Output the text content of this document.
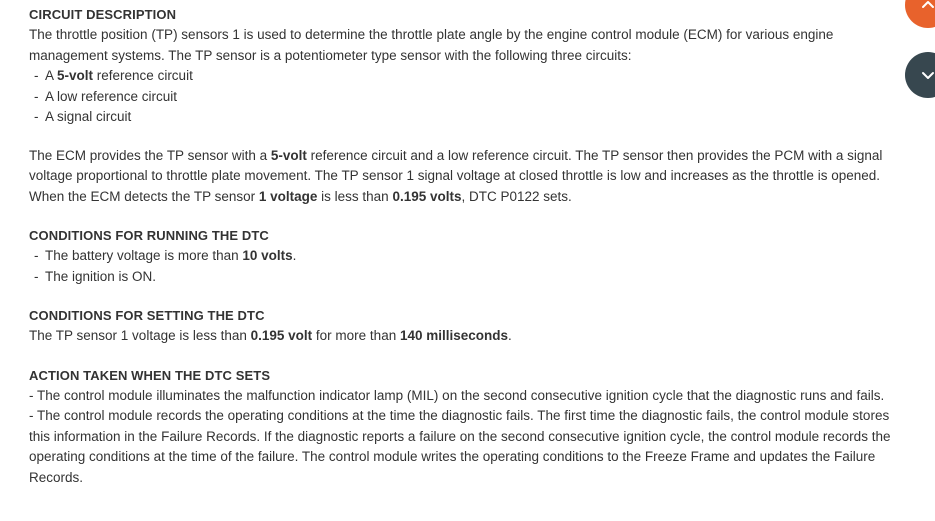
CIRCUIT DESCRIPTION

The throttle position (TP) sensors 1 is used to determine the throttle plate angle by the engine control module (ECM) for various engine management systems. The TP sensor is a potentiometer type sensor with the following three circuits:

- A 5-volt reference circuit

- A low reference circuit

- A signal circuit

The ECM provides the TP sensor with a 5-volt reference circuit and a low reference circuit. The TP sensor then provides the PCM with a signal voltage proportional to throttle plate movement. The TP sensor 1 signal voltage at closed throttle is low and increases as the throttle is opened. When the ECM detects the TP sensor 1 voltage is less than 0.195 volts, DTC P0122 sets.

CONDITIONS FOR RUNNING THE DTC

- The battery voltage is more than 10 volts.

- The ignition is ON.

CONDITIONS FOR SETTING THE DTC

The TP sensor 1 voltage is less than 0.195 volt for more than 140 milliseconds.

ACTION TAKEN WHEN THE DTC SETS

- The control module illuminates the malfunction indicator lamp (MIL) on the second consecutive ignition cycle that the diagnostic runs and fails.

- The control module records the operating conditions at the time the diagnostic fails. The first time the diagnostic fails, the control module stores this information in the Failure Records. If the diagnostic reports a failure on the second consecutive ignition cycle, the control module records the operating conditions at the time of the failure. The control module writes the operating conditions to the Freeze Frame and updates the Failure Records.
